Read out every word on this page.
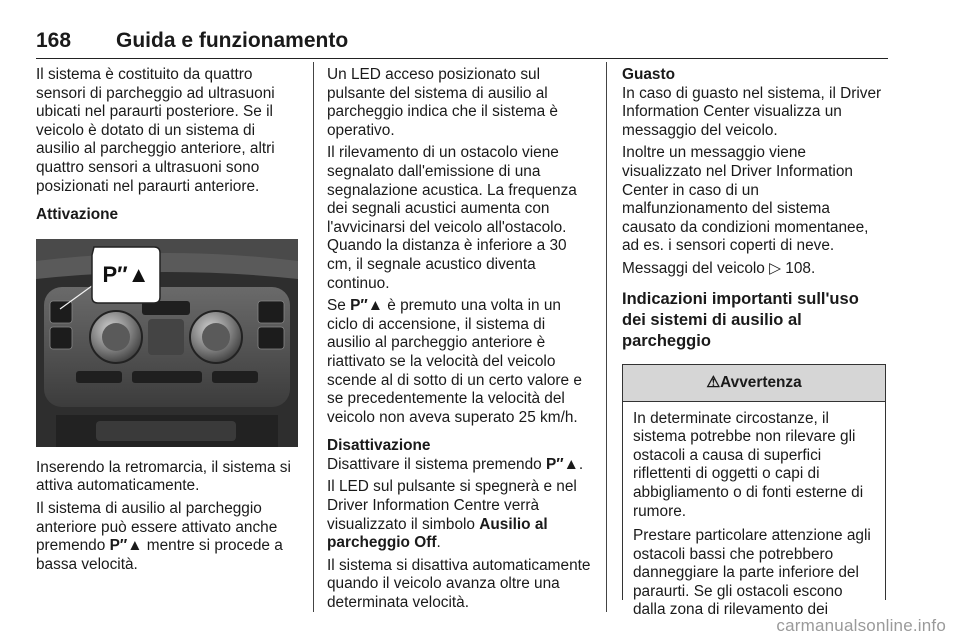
168 Guida e funzionamento

Il sistema è costituito da quattro sensori di parcheggio ad ultrasuoni ubicati nel paraurti posteriore. Se il veicolo è dotato di un sistema di ausilio al parcheggio anteriore, altri quattro sensori a ultrasuoni sono posizionati nel paraurti anteriore.

Attivazione

P″▲

Inserendo la retromarcia, il sistema si attiva automaticamente.

Il sistema di ausilio al parcheggio anteriore può essere attivato anche premendo P″▲ mentre si procede a bassa velocità.

Un LED acceso posizionato sul pulsante del sistema di ausilio al parcheggio indica che il sistema è operativo.

Il rilevamento di un ostacolo viene segnalato dall'emissione di una segnalazione acustica. La frequenza dei segnali acustici aumenta con l'avvicinarsi del veicolo all'ostacolo. Quando la distanza è inferiore a 30 cm, il segnale acustico diventa continuo.

Se P″▲ è premuto una volta in un ciclo di accensione, il sistema di ausilio al parcheggio anteriore è riattivato se la velocità del veicolo scende al di sotto di un certo valore e se precedentemente la velocità del veicolo non aveva superato 25 km/h.

Disattivazione

Disattivare il sistema premendo P″▲.

Il LED sul pulsante si spegnerà e nel Driver Information Centre verrà visualizzato il simbolo Ausilio al parcheggio Off.

Il sistema si disattiva automaticamente quando il veicolo avanza oltre una determinata velocità.

Guasto

In caso di guasto nel sistema, il Driver Information Center visualizza un messaggio del veicolo.

Inoltre un messaggio viene visualizzato nel Driver Information Center in caso di un malfunzionamento del sistema causato da condizioni momentanee, ad es. i sensori coperti di neve.

Messaggi del veicolo ▷ 108.

Indicazioni importanti sull'uso dei sistemi di ausilio al parcheggio
⚠Avvertenza

In determinate circostanze, il sistema potrebbe non rilevare gli ostacoli a causa di superfici riflettenti di oggetti o capi di abbigliamento o di fonti esterne di rumore.

Prestare particolare attenzione agli ostacoli bassi che potrebbero danneggiare la parte inferiore del paraurti. Se gli ostacoli escono dalla zona di rilevamento dei

carmanualsonline.info
